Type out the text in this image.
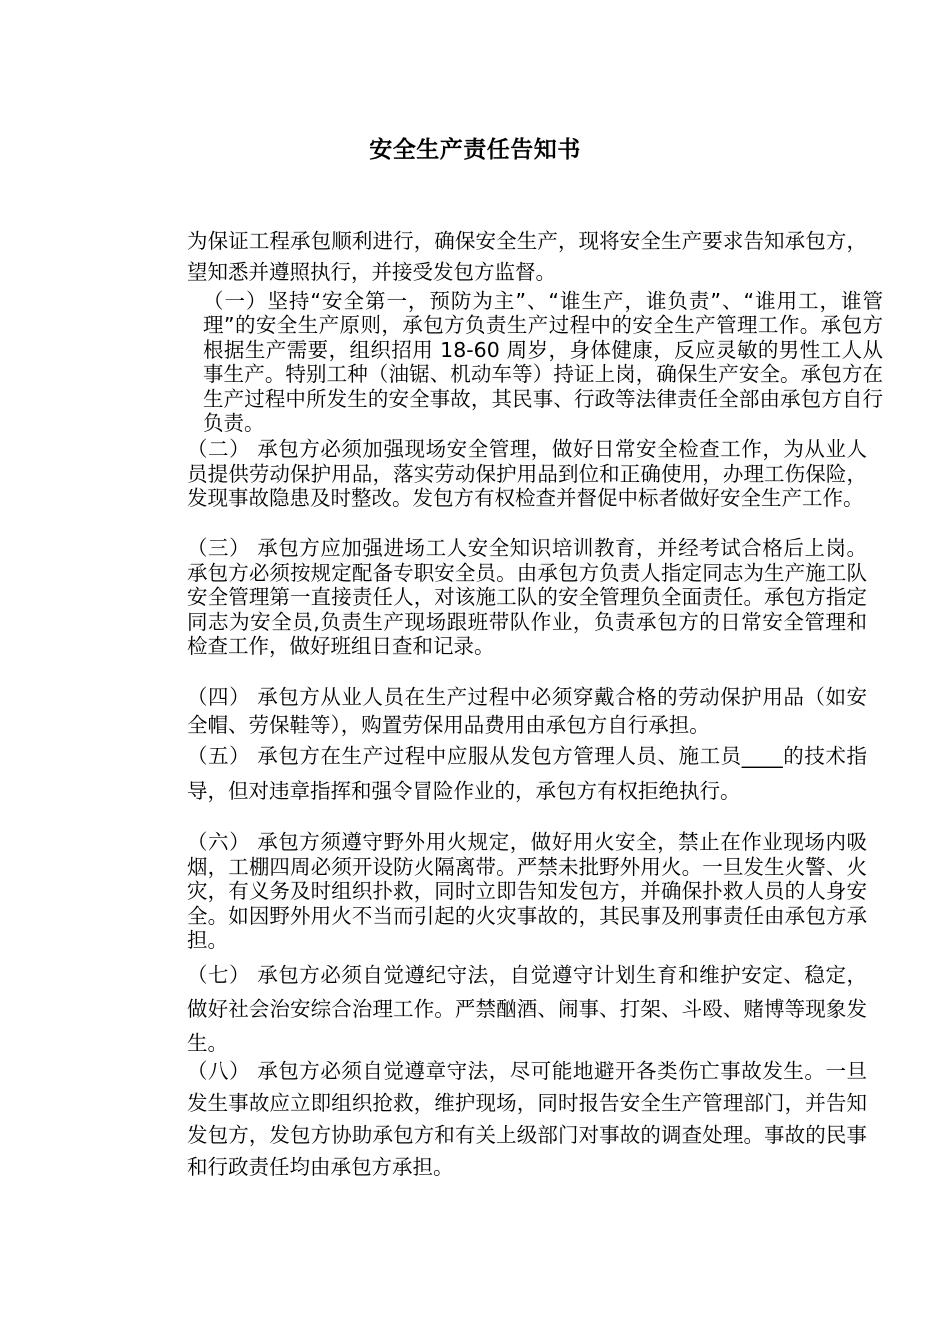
安全生产责任告知书

为保证工程承包顺利进行，确保安全生产，现将安全生产要求告知承包方，望知悉并遵照执行，并接受发包方监督。

（一）坚持“安全第一，预防为主”、“谁生产，谁负责”、“谁用工，谁管理”的安全生产原则，承包方负责生产过程中的安全生产管理工作。承包方根据生产需要，组织招用 18-60 周岁，身体健康，反应灵敏的男性工人从事生产。特别工种（油锯、机动车等）持证上岗，确保生产安全。承包方在生产过程中所发生的安全事故，其民事、行政等法律责任全部由承包方自行负责。

（二） 承包方必须加强现场安全管理，做好日常安全检查工作，为从业人员提供劳动保护用品，落实劳动保护用品到位和正确使用，办理工伤保险，发现事故隐患及时整改。发包方有权检查并督促中标者做好安全生产工作。

（三） 承包方应加强进场工人安全知识培训教育，并经考试合格后上岗。承包方必须按规定配备专职安全员。由承包方负责人指定同志为生产施工队安全管理第一直接责任人，对该施工队的安全管理负全面责任。承包方指定　　　　同志为安全员,负责生产现场跟班带队作业，负责承包方的日常安全管理和检查工作，做好班组日查和记录。

（四） 承包方从业人员在生产过程中必须穿戴合格的劳动保护用品（如安全帽、劳保鞋等），购置劳保用品费用由承包方自行承担。

（五） 承包方在生产过程中应服从发包方管理人员、施工员____的技术指导，但对违章指挥和强令冒险作业的，承包方有权拒绝执行。

（六） 承包方须遵守野外用火规定，做好用火安全，禁止在作业现场内吸烟，工棚四周必须开设防火隔离带。严禁未批野外用火。一旦发生火警、火灾，有义务及时组织扑救，同时立即告知发包方，并确保扑救人员的人身安全。如因野外用火不当而引起的火灾事故的，其民事及刑事责任由承包方承担。

（七） 承包方必须自觉遵纪守法，自觉遵守计划生育和维护安定、稳定，做好社会治安综合治理工作。严禁酗酒、闹事、打架、斗殴、赌博等现象发生。

（八） 承包方必须自觉遵章守法，尽可能地避开各类伤亡事故发生。一旦发生事故应立即组织抢救，维护现场，同时报告安全生产管理部门，并告知发包方，发包方协助承包方和有关上级部门对事故的调查处理。事故的民事和行政责任均由承包方承担。
